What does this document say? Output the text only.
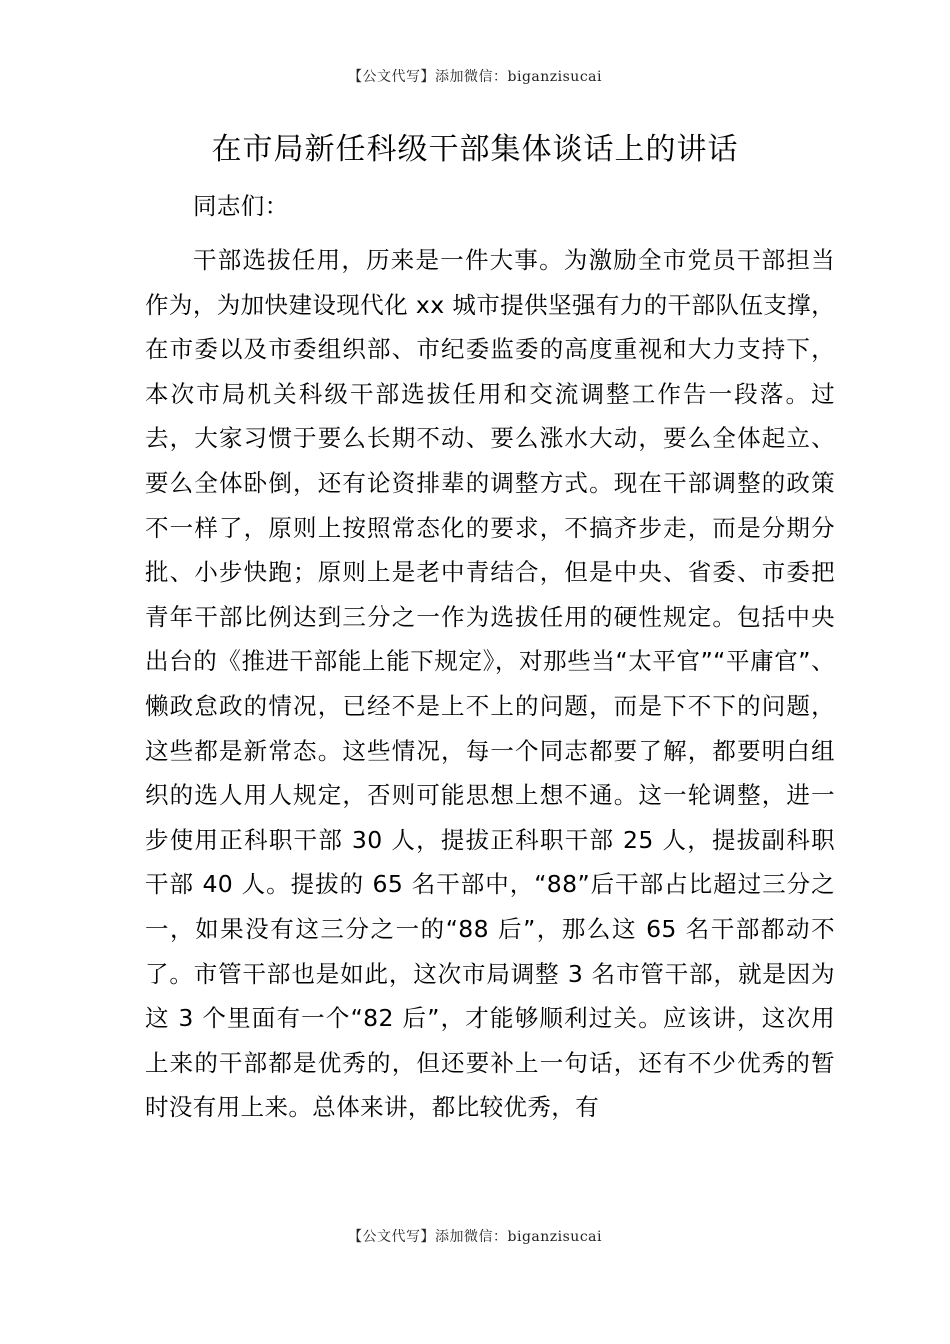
【公文代写】添加微信：biganzisucai
在市局新任科级干部集体谈话上的讲话
同志们：
干部选拔任用，历来是一件大事。为激励全市党员干部担当作为，为加快建设现代化 xx 城市提供坚强有力的干部队伍支撑，在市委以及市委组织部、市纪委监委的高度重视和大力支持下，本次市局机关科级干部选拔任用和交流调整工作告一段落。过去，大家习惯于要么长期不动、要么涨水大动，要么全体起立、要么全体卧倒，还有论资排辈的调整方式。现在干部调整的政策不一样了，原则上按照常态化的要求，不搞齐步走，而是分期分批、小步快跑；原则上是老中青结合，但是中央、省委、市委把青年干部比例达到三分之一作为选拔任用的硬性规定。包括中央出台的《推进干部能上能下规定》，对那些当“太平官”“平庸官”、懒政怠政的情况，已经不是上不上的问题，而是下不下的问题，这些都是新常态。这些情况，每一个同志都要了解，都要明白组织的选人用人规定，否则可能思想上想不通。这一轮调整，进一步使用正科职干部 30 人，提拔正科职干部 25 人，提拔副科职干部 40 人。提拔的 65 名干部中，“88”后干部占比超过三分之一，如果没有这三分之一的“88 后”，那么这 65 名干部都动不了。市管干部也是如此，这次市局调整 3 名市管干部，就是因为这 3 个里面有一个“82 后”，才能够顺利过关。应该讲，这次用上来的干部都是优秀的，但还要补上一句话，还有不少优秀的暂时没有用上来。总体来讲，都比较优秀，有
【公文代写】添加微信：biganzisucai
